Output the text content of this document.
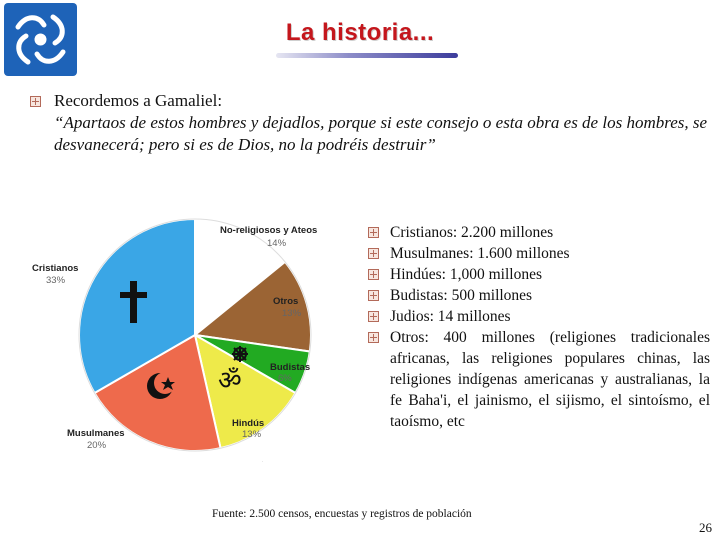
La historia...
Recordemos a Gamaliel:
“Apartaos de estos hombres y dejadlos, porque si este consejo o esta obra es de los hombres, se desvanecerá; pero si es de Dios, no la podréis destruir”
ॐ
No-religiosos y Ateos
14%
Otros
13%
Budistas
6%
Hindús
13%
Musulmanes
20%
Cristianos
33%
.
Cristianos: 2.200 millones
Musulmanes: 1.600 millones
Hindúes: 1,000 millones
Budistas: 500 millones
Judios: 14 millones
Otros: 400 millones (religiones tradicionales africanas, las religiones populares chinas, las religiones indígenas americanas y australianas, la fe Baha'i, el jainismo, el sijismo, el sintoísmo, el taoísmo, etc
Fuente: 2.500 censos, encuestas y registros de población
26
